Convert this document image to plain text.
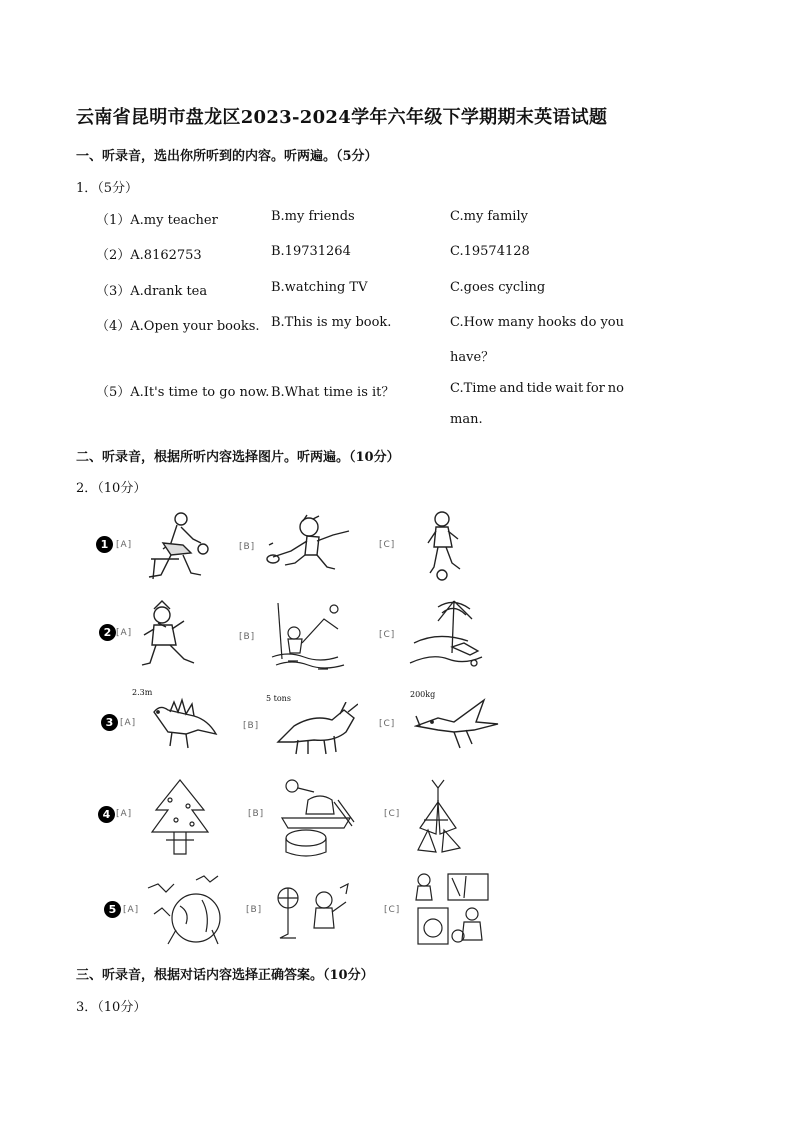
云南省昆明市盘龙区2023-2024学年六年级下学期期末英语试题
一、听录音，选出你所听到的内容。听两遍。（5分）
1．（5分）
（1）A.my teacher	B.my friends	C.my family
（2）A.8162753	B.19731264	C.19574128
（3）A.drank tea	B.watching TV	C.goes cycling
（4）A.Open your books. B.This is my book.	C.How many hooks do you
have？
（5）A.It's time to go now. B.What time is it？	C.Time and tide wait for no
man.
二、听录音，根据所听内容选择图片。听两遍。（10分）
2．（10分）
1 [A]	[B]	[C]
2 [A]	[B]	[C]
2.3m
3 [A]
5 tons
[B]
200kg
[C]
4 [A]	[B]	[C]
5 [A]	[B]	[C]
三、听录音，根据对话内容选择正确答案。（10分）
3．（10分）
